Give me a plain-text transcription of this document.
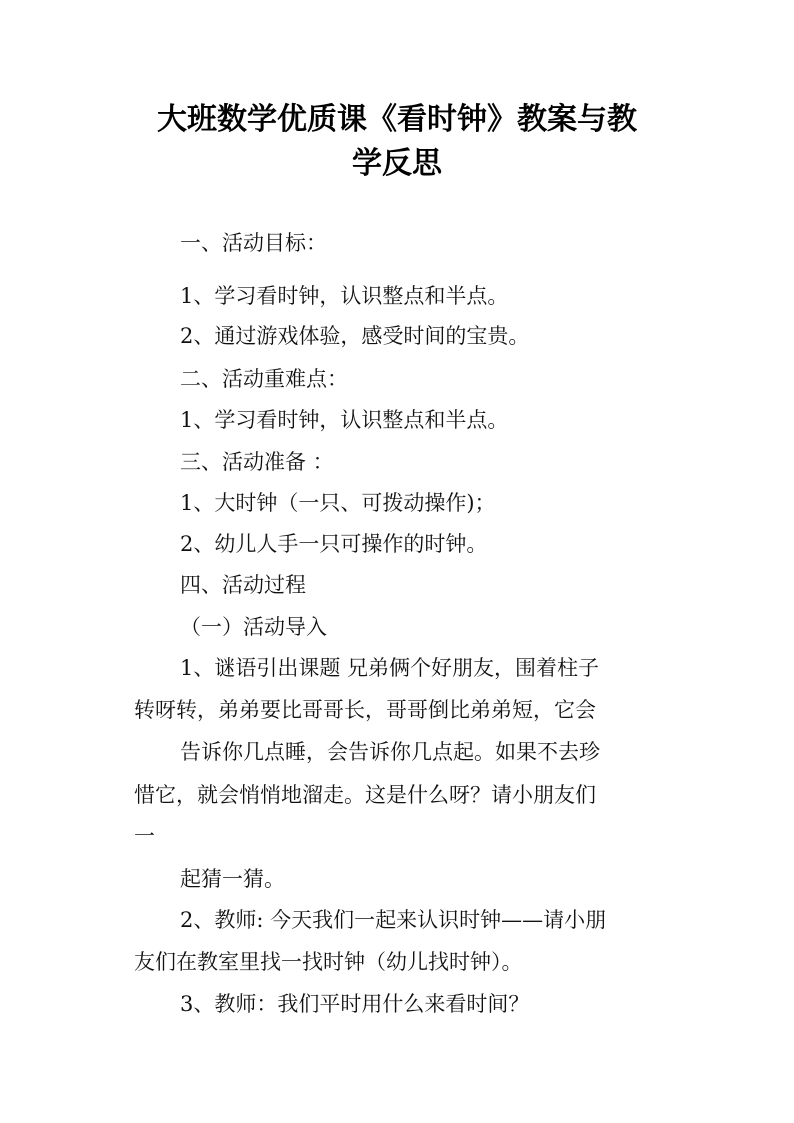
大班数学优质课《看时钟》教案与教
学反思
一、活动目标：
1、学习看时钟，认识整点和半点。
2、通过游戏体验，感受时间的宝贵。
二、活动重难点：
1、学习看时钟，认识整点和半点。
三、活动准备 ：
1、大时钟（一只、可拨动操作)；
2、幼儿人手一只可操作的时钟。
四、活动过程
（一）活动导入
1、谜语引出课题 兄弟俩个好朋友，围着柱子
转呀转，弟弟要比哥哥长，哥哥倒比弟弟短，它会
告诉你几点睡，会告诉你几点起。如果不去珍
惜它，就会悄悄地溜走。这是什么呀？请小朋友们
一
起猜一猜。
2、教师: 今天我们一起来认识时钟——请小朋
友们在教室里找一找时钟（幼儿找时钟）。
3、教师：我们平时用什么来看时间？
